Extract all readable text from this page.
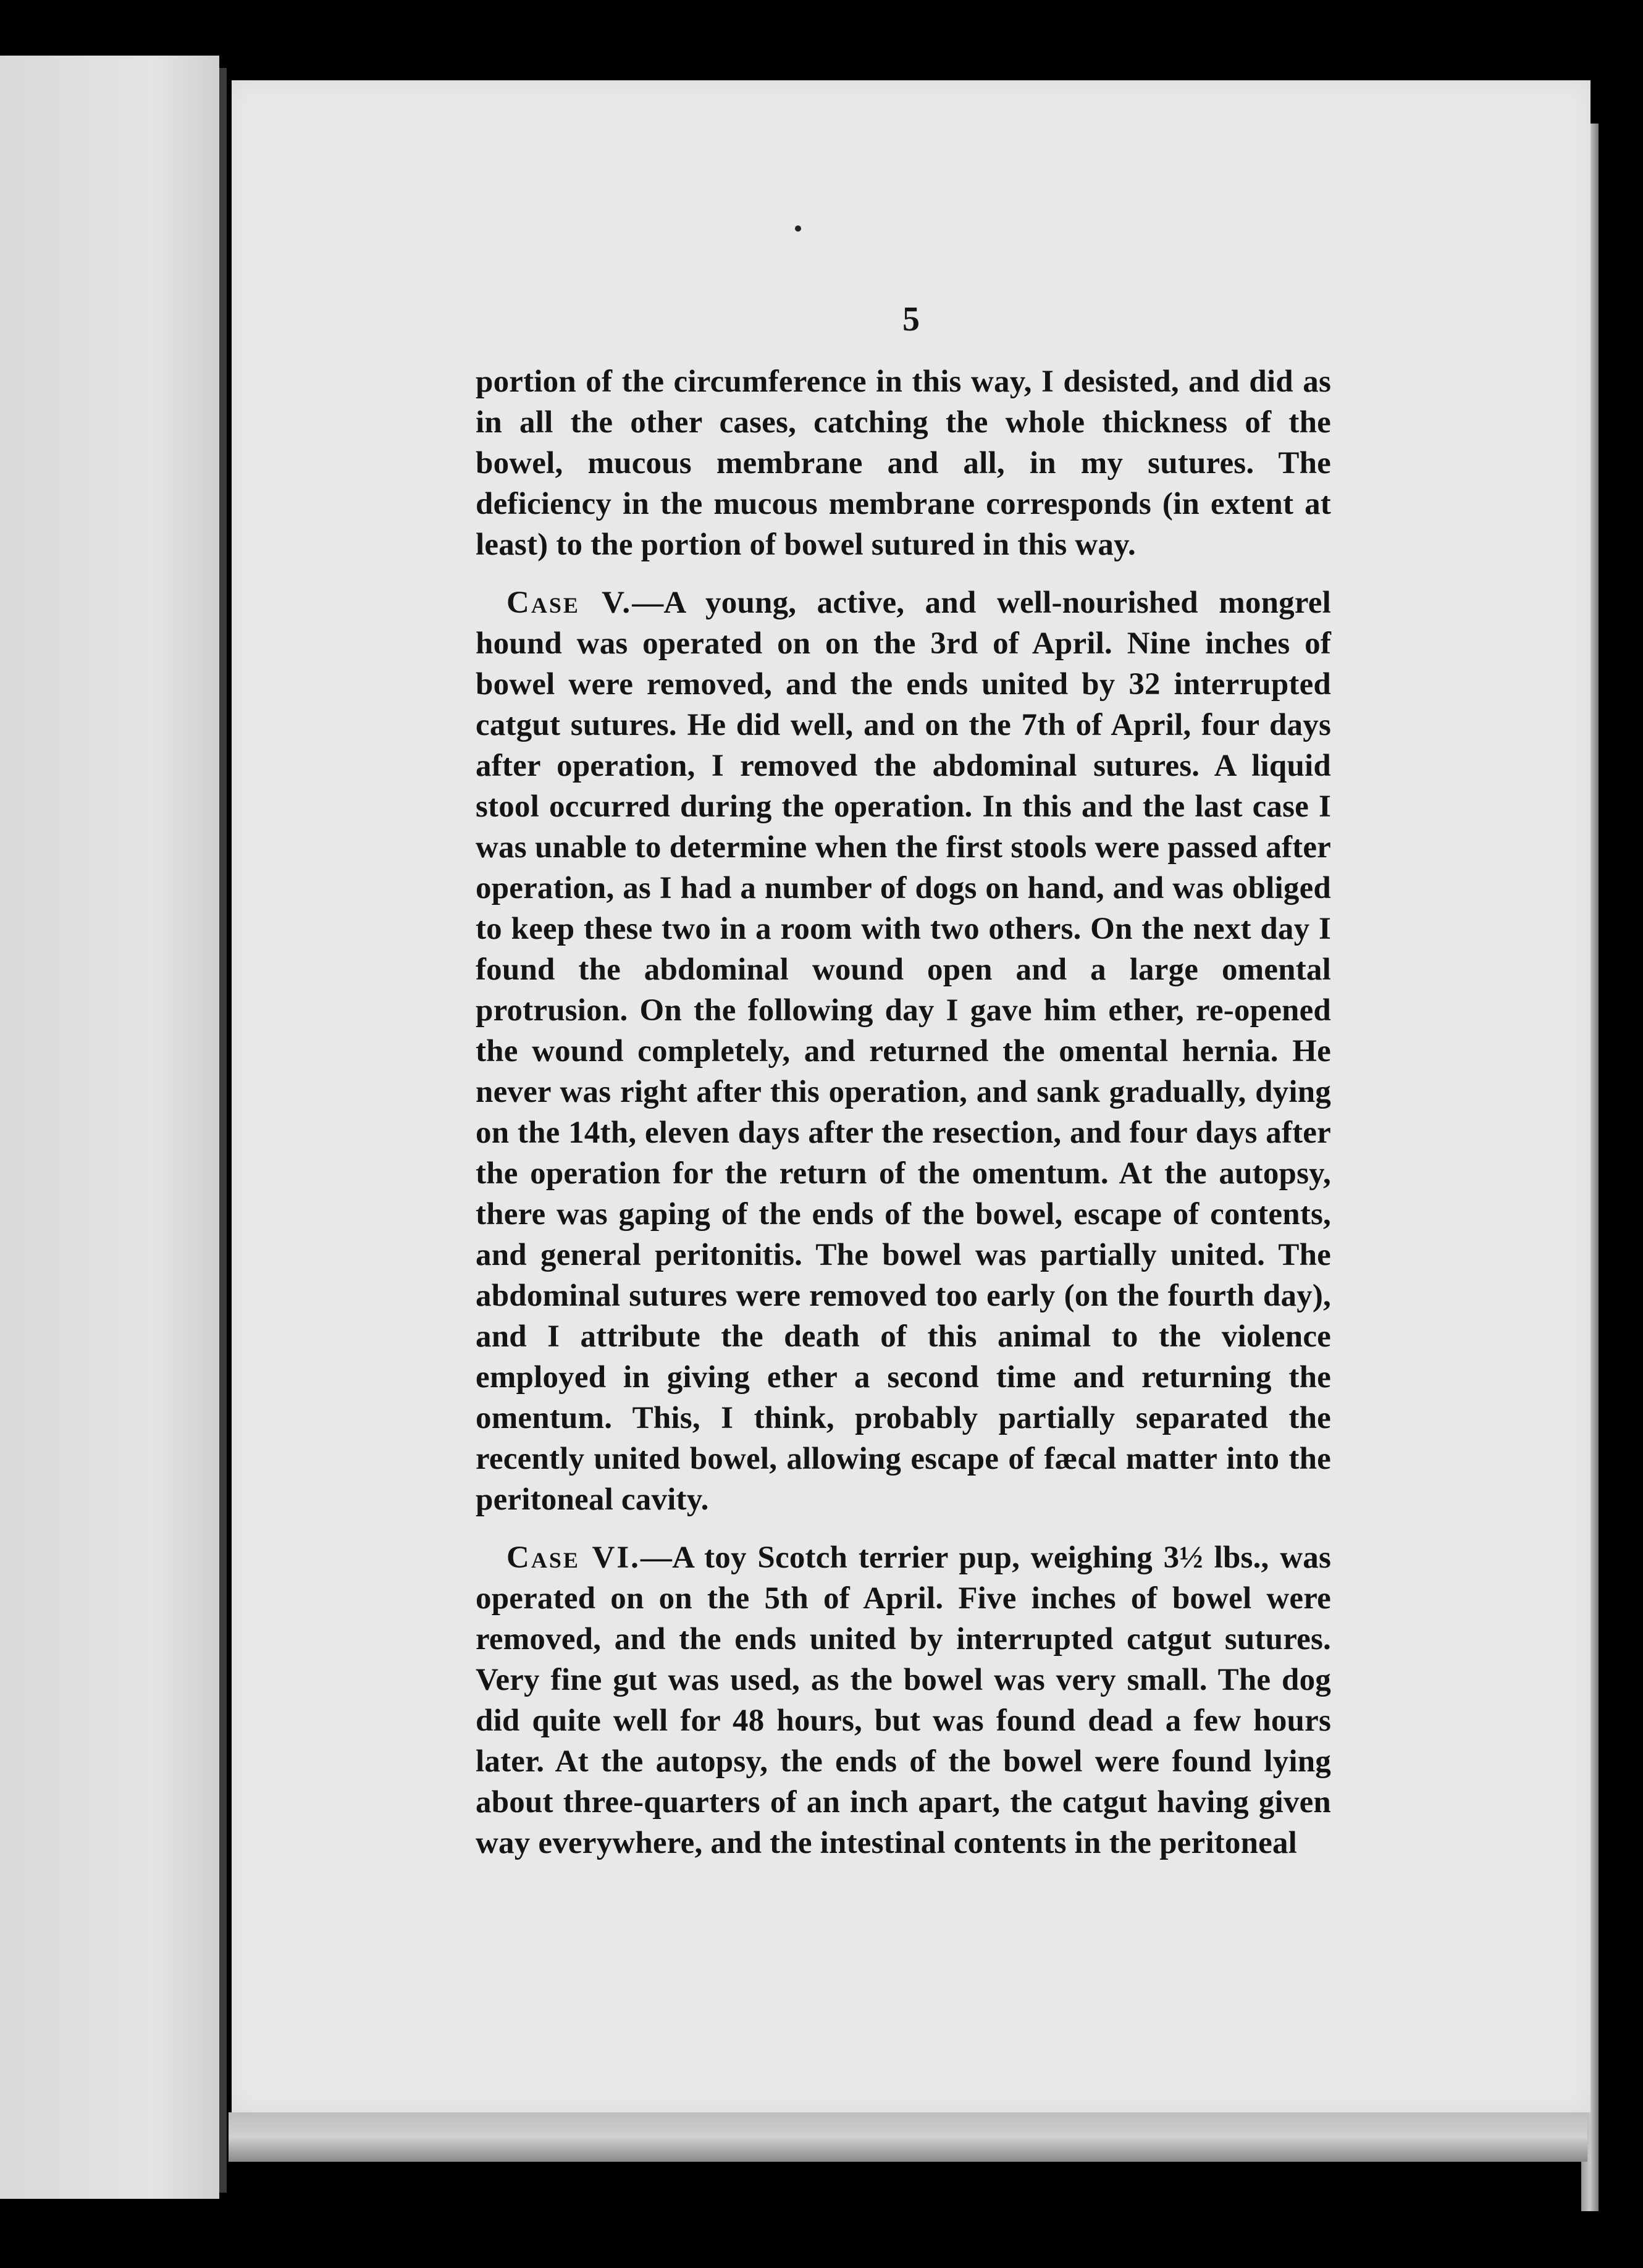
5

portion of the circumference in this way, I desisted, and did as in all the other cases, catching the whole thickness of the bowel, mucous membrane and all, in my sutures. The deficiency in the mucous membrane corresponds (in extent at least) to the portion of bowel sutured in this way.

Case V.—A young, active, and well-nourished mongrel hound was operated on on the 3rd of April. Nine inches of bowel were removed, and the ends united by 32 interrupted catgut sutures. He did well, and on the 7th of April, four days after operation, I removed the abdominal sutures. A liquid stool occurred during the operation. In this and the last case I was unable to determine when the first stools were passed after operation, as I had a number of dogs on hand, and was obliged to keep these two in a room with two others. On the next day I found the abdominal wound open and a large omental protrusion. On the following day I gave him ether, re-opened the wound completely, and returned the omental hernia. He never was right after this operation, and sank gradually, dying on the 14th, eleven days after the resection, and four days after the operation for the return of the omentum. At the autopsy, there was gaping of the ends of the bowel, escape of contents, and general peritonitis. The bowel was partially united. The abdominal sutures were removed too early (on the fourth day), and I attribute the death of this animal to the violence employed in giving ether a second time and returning the omentum. This, I think, probably partially separated the recently united bowel, allowing escape of fæcal matter into the peritoneal cavity.

Case VI.—A toy Scotch terrier pup, weighing 3½ lbs., was operated on on the 5th of April. Five inches of bowel were removed, and the ends united by interrupted catgut sutures. Very fine gut was used, as the bowel was very small. The dog did quite well for 48 hours, but was found dead a few hours later. At the autopsy, the ends of the bowel were found lying about three-quarters of an inch apart, the catgut having given way everywhere, and the intestinal contents in the peritoneal
